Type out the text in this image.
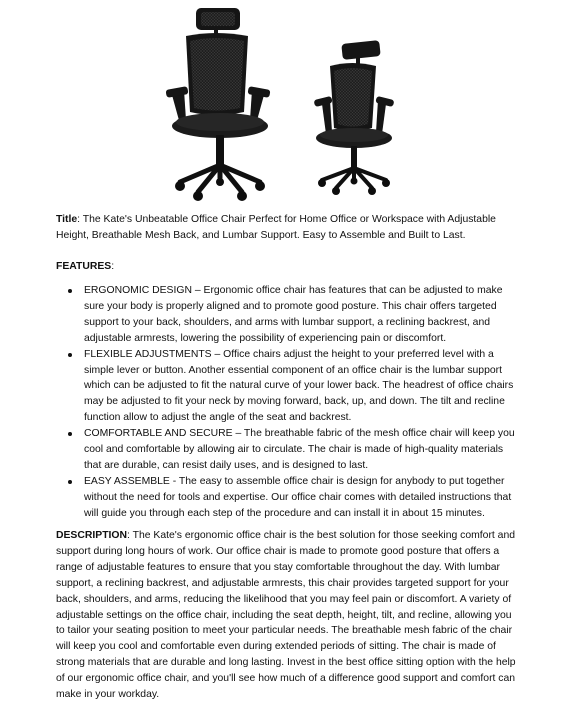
Title: The Kate's Unbeatable Office Chair Perfect for Home Office or Workspace with Adjustable Height, Breathable Mesh Back, and Lumbar Support. Easy to Assemble and Built to Last.
FEATURES:
ERGONOMIC DESIGN – Ergonomic office chair has features that can be adjusted to make sure your body is properly aligned and to promote good posture. This chair offers targeted support to your back, shoulders, and arms with lumbar support, a reclining backrest, and adjustable armrests, lowering the possibility of experiencing pain or discomfort.
FLEXIBLE ADJUSTMENTS – Office chairs adjust the height to your preferred level with a simple lever or button. Another essential component of an office chair is the lumbar support which can be adjusted to fit the natural curve of your lower back. The headrest of office chairs may be adjusted to fit your neck by moving forward, back, up, and down. The tilt and recline function allow to adjust the angle of the seat and backrest.
COMFORTABLE AND SECURE – The breathable fabric of the mesh office chair will keep you cool and comfortable by allowing air to circulate. The chair is made of high-quality materials that are durable, can resist daily uses, and is designed to last.
EASY ASSEMBLE - The easy to assemble office chair is design for anybody to put together without the need for tools and expertise. Our office chair comes with detailed instructions that will guide you through each step of the procedure and can install it in about 15 minutes.
DESCRIPTION: The Kate's ergonomic office chair is the best solution for those seeking comfort and support during long hours of work. Our office chair is made to promote good posture that offers a range of adjustable features to ensure that you stay comfortable throughout the day. With lumbar support, a reclining backrest, and adjustable armrests, this chair provides targeted support for your back, shoulders, and arms, reducing the likelihood that you may feel pain or discomfort. A variety of adjustable settings on the office chair, including the seat depth, height, tilt, and recline, allowing you to tailor your seating position to meet your particular needs. The breathable mesh fabric of the chair will keep you cool and comfortable even during extended periods of sitting. The chair is made of strong materials that are durable and long lasting. Invest in the best office sitting option with the help of our ergonomic office chair, and you'll see how much of a difference good support and comfort can make in your workday.
